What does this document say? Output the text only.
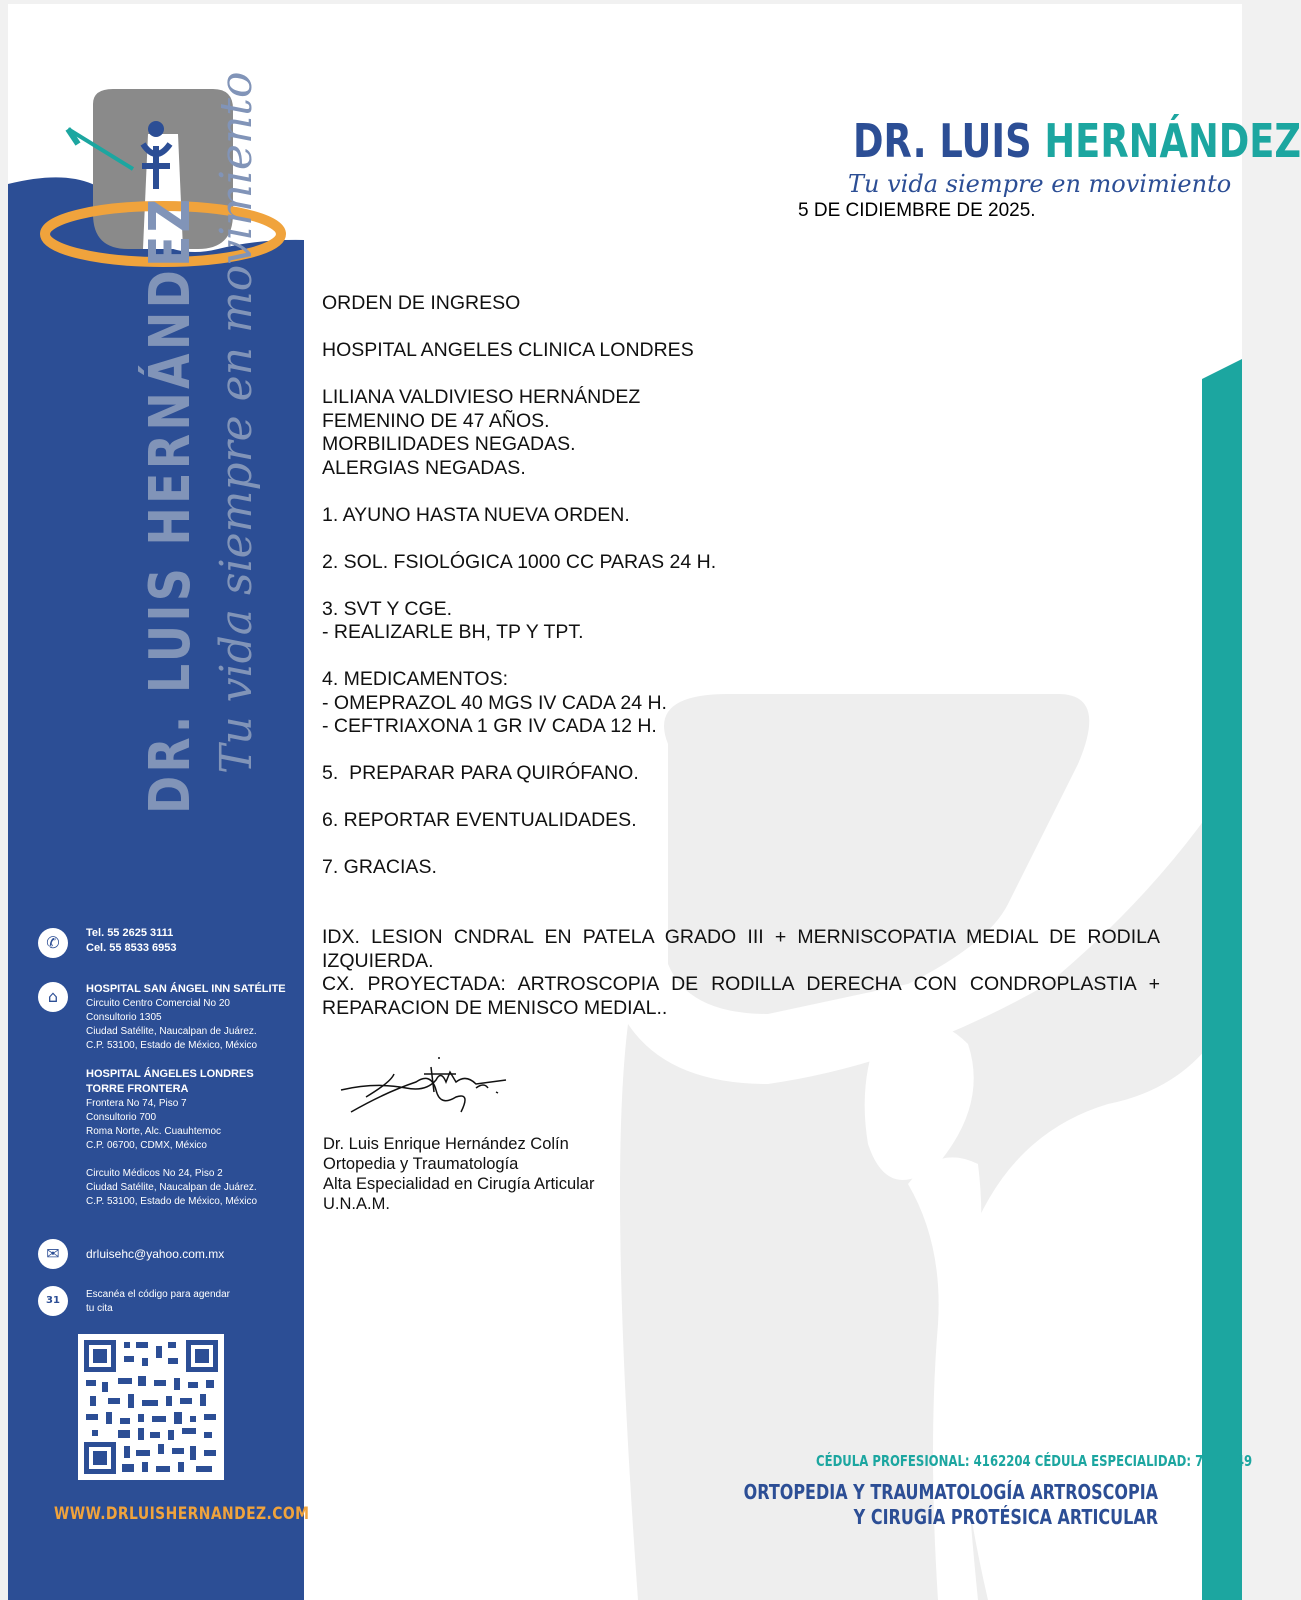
DR. LUIS HERNÁNDEZ Tu vida siempre en movimiento
✆	Tel. 55 2625 3111
Cel. 55 8533 6953
⌂	HOSPITAL SAN ÁNGEL INN SATÉLITE
Circuito Centro Comercial No 20
Consultorio 1305
Ciudad Satélite, Naucalpan de Juárez.
C.P. 53100, Estado de México, México

HOSPITAL ÁNGELES LONDRES
TORRE FRONTERA
Frontera No 74, Piso 7
Consultorio 700
Roma Norte, Alc. Cuauhtemoc
C.P. 06700, CDMX, México

Circuito Médicos No 24, Piso 2
Ciudad Satélite, Naucalpan de Juárez.
C.P. 53100, Estado de México, México
✉	drluisehc@yahoo.com.mx
31
Escanéa el código para agendar
tu cita
WWW.DRLUISHERNANDEZ.COM
DR. LUIS HERNÁNDEZ
Tu vida siempre en movimiento
5 DE CIDIEMBRE DE 2025.
ORDEN DE INGRESO
HOSPITAL ANGELES CLINICA LONDRES
LILIANA VALDIVIESO HERNÁNDEZ
FEMENINO DE 47 AÑOS.
MORBILIDADES NEGADAS.
ALERGIAS NEGADAS.
1. AYUNO HASTA NUEVA ORDEN.
2. SOL. FSIOLÓGICA 1000 CC PARAS 24 H.
3. SVT Y CGE.
- REALIZARLE BH, TP Y TPT.
4. MEDICAMENTOS:
- OMEPRAZOL 40 MGS IV CADA 24 H.
- CEFTRIAXONA 1 GR IV CADA 12 H.
5.  PREPARAR PARA QUIRÓFANO.
6. REPORTAR EVENTUALIDADES.
7. GRACIAS.
IDX. LESION CNDRAL EN PATELA GRADO III + MERNISCOPATIA MEDIAL DE RODILA IZQUIERDA.
CX. PROYECTADA: ARTROSCOPIA DE RODILLA DERECHA CON CONDROPLASTIA + REPARACION DE MENISCO MEDIAL..
Dr. Luis Enrique Hernández Colín
Ortopedia y Traumatología
Alta Especialidad en Cirugía Articular
U.N.A.M.
CÉDULA PROFESIONAL: 4162204 CÉDULA ESPECIALIDAD: 7130449
ORTOPEDIA Y TRAUMATOLOGÍA ARTROSCOPIA
Y CIRUGÍA PROTÉSICA ARTICULAR
